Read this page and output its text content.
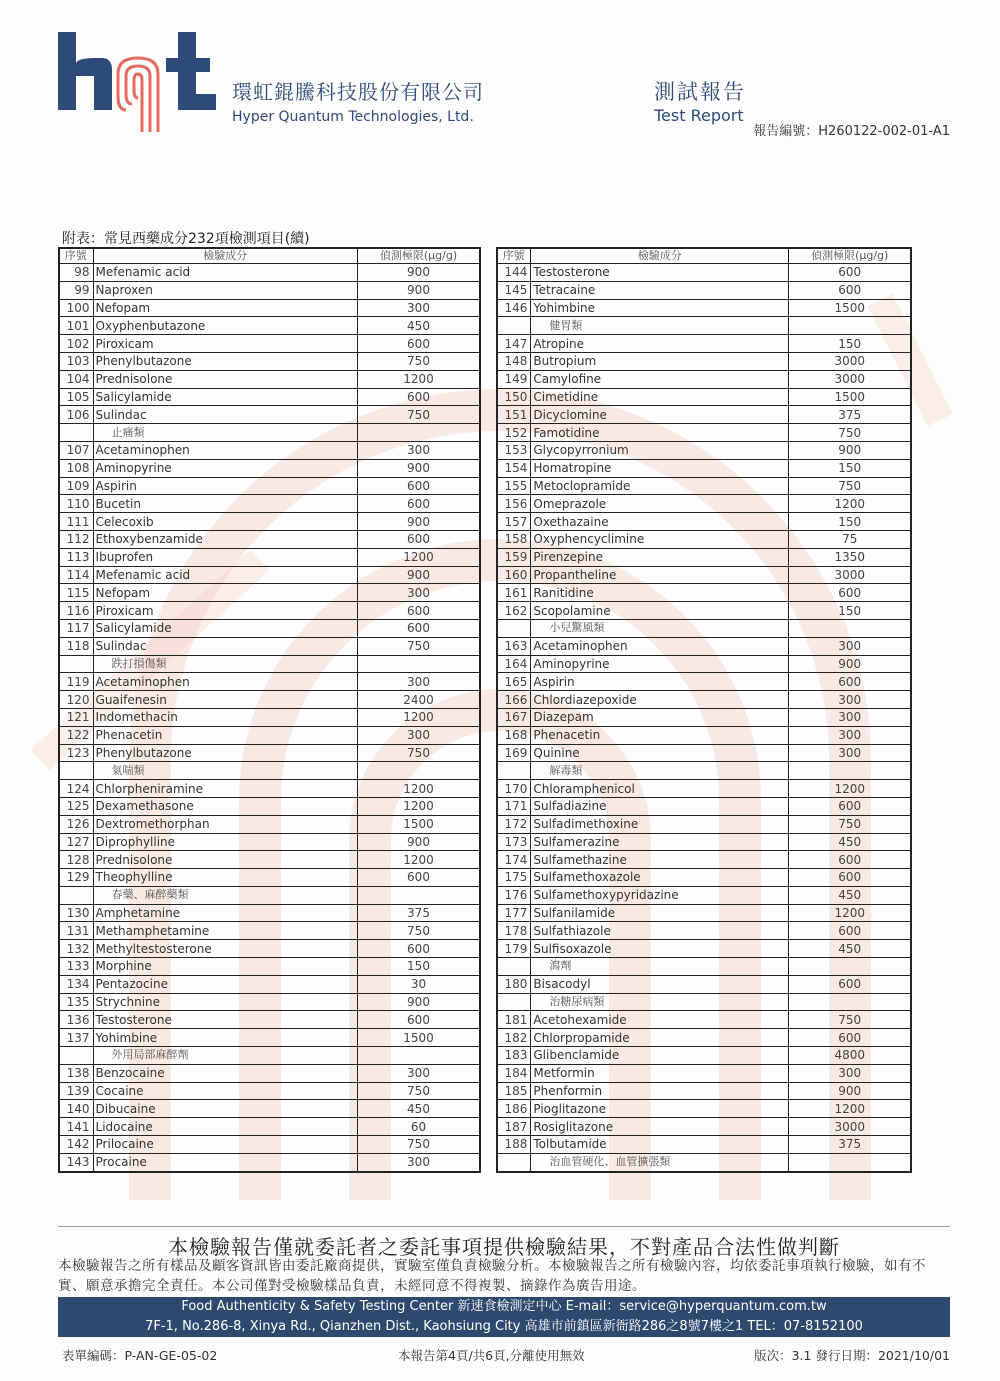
環虹錕騰科技股份有限公司
Hyper Quantum Technologies, Ltd.
測試報告
Test Report
報告編號：H260122-002-01-A1
附表：常見西藥成分232項檢測項目(續)
序號	檢驗成分	偵測極限(μg/g)
98	Mefenamic acid	900
99	Naproxen	900
100	Nefopam	300
101	Oxyphenbutazone	450
102	Piroxicam	600
103	Phenylbutazone	750
104	Prednisolone	1200
105	Salicylamide	600
106	Sulindac	750
	止痛類	
107	Acetaminophen	300
108	Aminopyrine	900
109	Aspirin	600
110	Bucetin	600
111	Celecoxib	900
112	Ethoxybenzamide	600
113	Ibuprofen	1200
114	Mefenamic acid	900
115	Nefopam	300
116	Piroxicam	600
117	Salicylamide	600
118	Sulindac	750
	跌打損傷類	
119	Acetaminophen	300
120	Guaifenesin	2400
121	Indomethacin	1200
122	Phenacetin	300
123	Phenylbutazone	750
	氣喘類	
124	Chlorpheniramine	1200
125	Dexamethasone	1200
126	Dextromethorphan	1500
127	Diprophylline	900
128	Prednisolone	1200
129	Theophylline	600
	春藥、麻醉藥類	
130	Amphetamine	375
131	Methamphetamine	750
132	Methyltestosterone	600
133	Morphine	150
134	Pentazocine	30
135	Strychnine	900
136	Testosterone	600
137	Yohimbine	1500
	外用局部麻醉劑	
138	Benzocaine	300
139	Cocaine	750
140	Dibucaine	450
141	Lidocaine	60
142	Prilocaine	750
143	Procaine	300
序號	檢驗成分	偵測極限(μg/g)
144	Testosterone	600
145	Tetracaine	600
146	Yohimbine	1500
	健胃類	
147	Atropine	150
148	Butropium	3000
149	Camylofine	3000
150	Cimetidine	1500
151	Dicyclomine	375
152	Famotidine	750
153	Glycopyrronium	900
154	Homatropine	150
155	Metoclopramide	750
156	Omeprazole	1200
157	Oxethazaine	150
158	Oxyphencyclimine	75
159	Pirenzepine	1350
160	Propantheline	3000
161	Ranitidine	600
162	Scopolamine	150
	小兒驚風類	
163	Acetaminophen	300
164	Aminopyrine	900
165	Aspirin	600
166	Chlordiazepoxide	300
167	Diazepam	300
168	Phenacetin	300
169	Quinine	300
	解毒類	
170	Chloramphenicol	1200
171	Sulfadiazine	600
172	Sulfadimethoxine	750
173	Sulfamerazine	450
174	Sulfamethazine	600
175	Sulfamethoxazole	600
176	Sulfamethoxypyridazine	450
177	Sulfanilamide	1200
178	Sulfathiazole	600
179	Sulfisoxazole	450
	瀉劑	
180	Bisacodyl	600
	治糖尿病類	
181	Acetohexamide	750
182	Chlorpropamide	600
183	Glibenclamide	4800
184	Metformin	300
185	Phenformin	900
186	Pioglitazone	1200
187	Rosiglitazone	3000
188	Tolbutamide	375
	治血管硬化、血管擴張類	
本檢驗報告僅就委託者之委託事項提供檢驗結果，不對產品合法性做判斷
本檢驗報告之所有樣品及顧客資訊皆由委託廠商提供，實驗室僅負責檢驗分析。本檢驗報告之所有檢驗內容，均依委託事項執行檢驗，如有不實、願意承擔完全責任。本公司僅對受檢驗樣品負責，未經同意不得複製、摘錄作為廣告用途。
Food Authenticity & Safety Testing Center 新速食檢測定中心 E-mail：service@hyperquantum.com.tw
7F-1, No.286-8, Xinya Rd., Qianzhen Dist., Kaohsiung City 高雄市前鎮區新衙路286之8號7樓之1 TEL：07-8152100
表單編碼：P-AN-GE-05-02	本報告第4頁/共6頁,分離使用無效	版次：3.1 發行日期：2021/10/01
